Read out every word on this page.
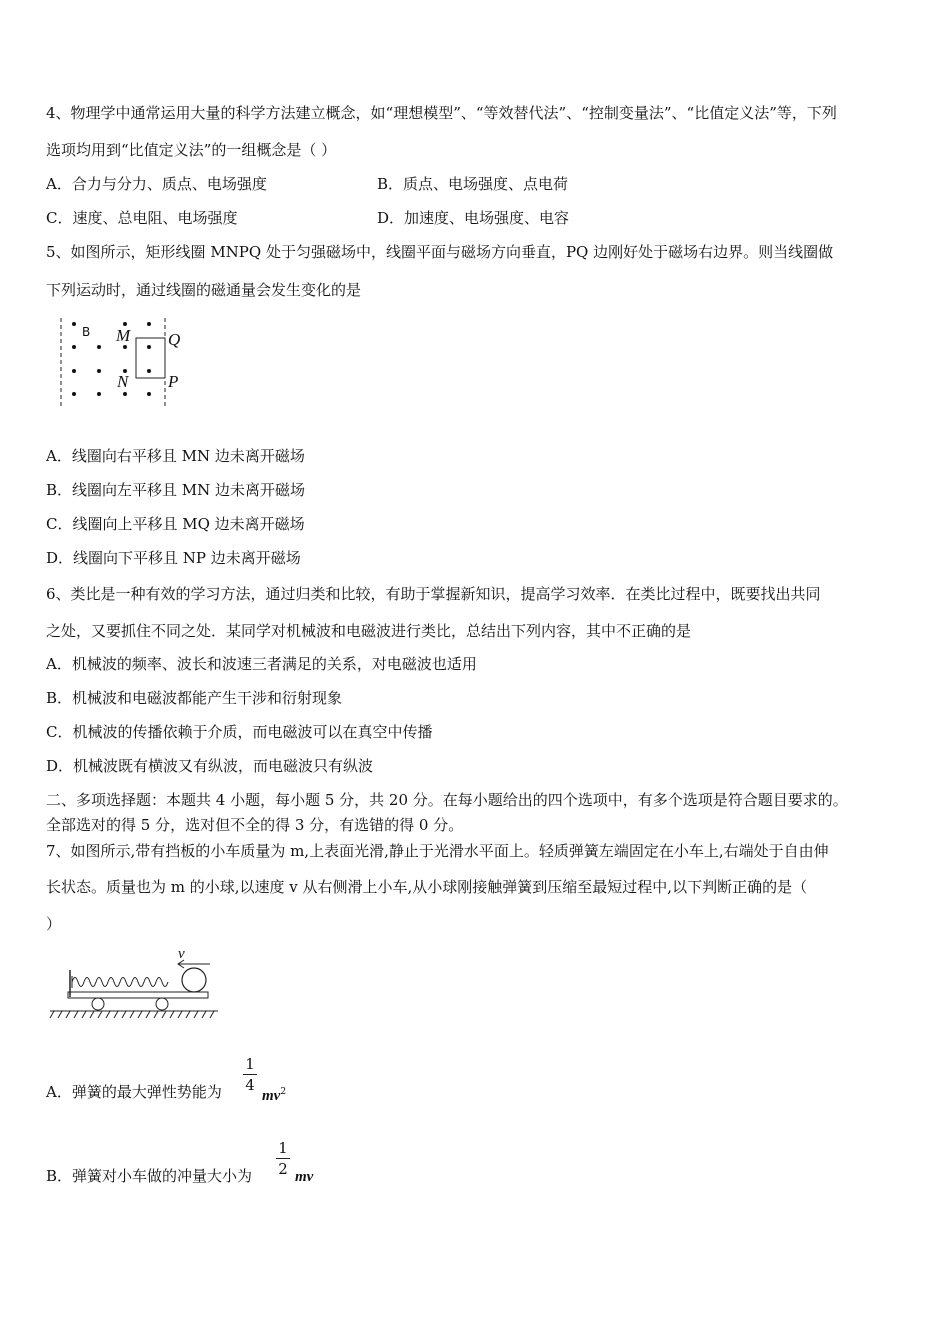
4、物理学中通常运用大量的科学方法建立概念，如“理想模型”、“等效替代法”、“控制变量法”、“比值定义法”等，下列
选项均用到“比值定义法”的一组概念是（ ）
A．合力与分力、质点、电场强度	B．质点、电场强度、点电荷
C．速度、总电阻、电场强度	D．加速度、电场强度、电容
5、如图所示，矩形线圈 MNPQ 处于匀强磁场中，线圈平面与磁场方向垂直，PQ 边刚好处于磁场右边界。则当线圈做
下列运动时，通过线圈的磁通量会发生变化的是
B M Q
N P
A．线圈向右平移且 MN 边未离开磁场
B．线圈向左平移且 MN 边未离开磁场
C．线圈向上平移且 MQ 边未离开磁场
D．线圈向下平移且 NP 边未离开磁场
6、类比是一种有效的学习方法，通过归类和比较，有助于掌握新知识，提高学习效率．在类比过程中，既要找出共同
之处，又要抓住不同之处．某同学对机械波和电磁波进行类比，总结出下列内容，其中不正确的是
A．机械波的频率、波长和波速三者满足的关系，对电磁波也适用
B．机械波和电磁波都能产生干涉和衍射现象
C．机械波的传播依赖于介质，而电磁波可以在真空中传播
D．机械波既有横波又有纵波，而电磁波只有纵波
二、多项选择题：本题共 4 小题，每小题 5 分，共 20 分。在每小题给出的四个选项中，有多个选项是符合题目要求的。
全部选对的得 5 分，选对但不全的得 3 分，有选错的得 0 分。
7、如图所示,带有挡板的小车质量为 m,上表面光滑,静止于光滑水平面上。轻质弹簧左端固定在小车上,右端处于自由伸
长状态。质量也为 m 的小球,以速度 v 从右侧滑上小车,从小球刚接触弹簧到压缩至最短过程中,以下判断正确的是（
）
v
A．弹簧的最大弹性势能为
1
4
$mv^2$
B．弹簧对小车做的冲量大小为
1
2 mv
